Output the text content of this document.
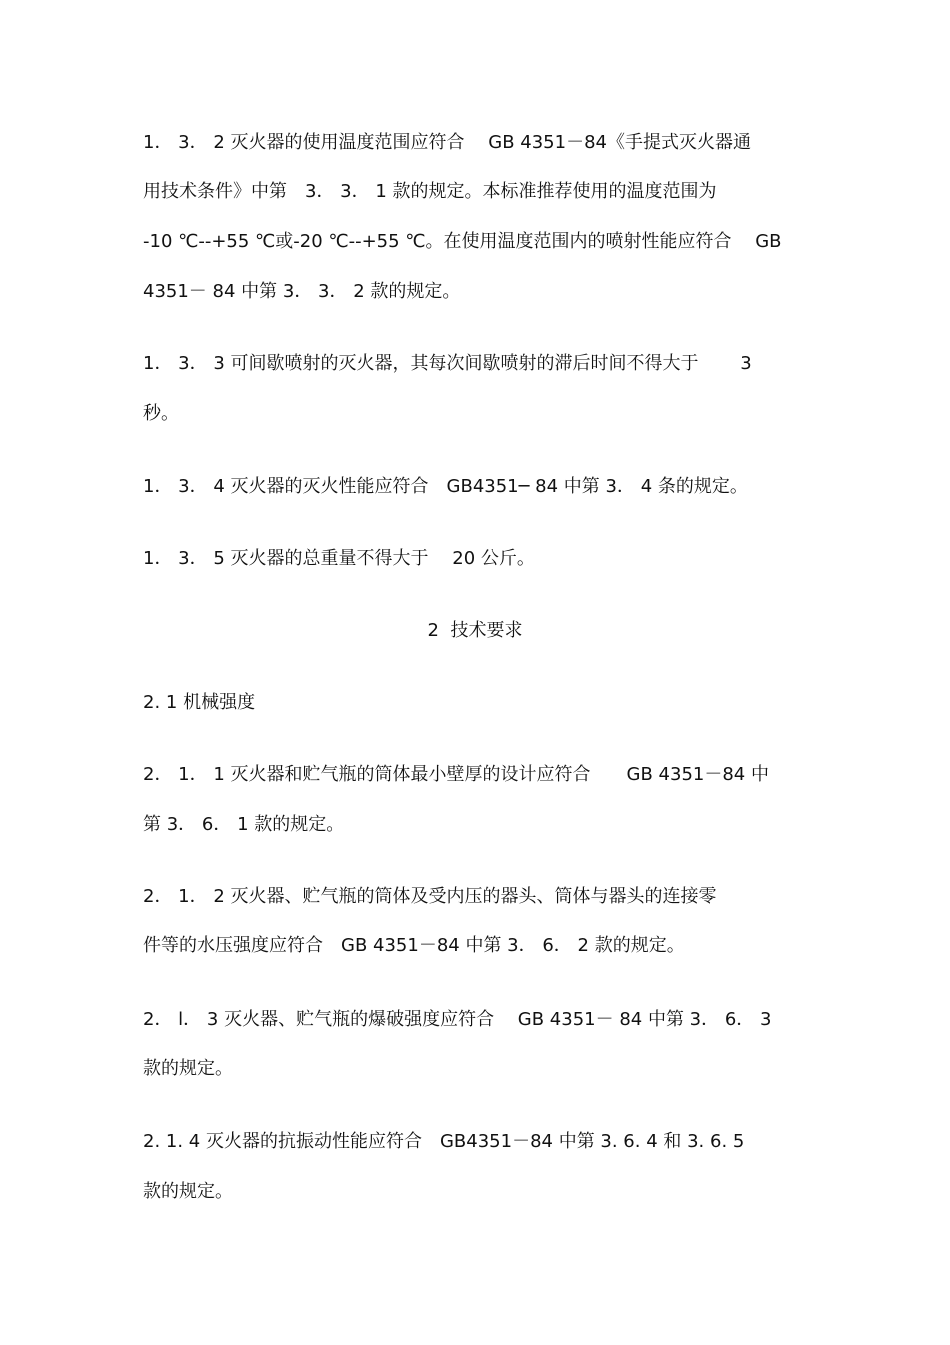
1． 3． 2 灭火器的使用温度范围应符合　 GB 4351－84《手提式灭火器通
用技术条件》中第　3． 3． 1 款的规定。本标准推荐使用的温度范围为
-10 ℃--+55 ℃或-20 ℃--+55 ℃。在使用温度范围内的喷射性能应符合　 GB
4351－ 84 中第 3． 3． 2 款的规定。
1． 3． 3 可间歇喷射的灭火器，其每次间歇喷射的滞后时间不得大于　　 3
秒。
1． 3． 4 灭火器的灭火性能应符合　GB4351─ 84 中第 3． 4 条的规定。
1． 3． 5 灭火器的总重量不得大于　 20 公斤。
2  技术要求
2. 1 机械强度
2． 1． 1 灭火器和贮气瓶的筒体最小壁厚的设计应符合　　GB 4351－84 中
第 3． 6． 1 款的规定。
2． 1． 2 灭火器、贮气瓶的筒体及受内压的器头、筒体与器头的连接零
件等的水压强度应符合　GB 4351－84 中第 3． 6． 2 款的规定。
2． l． 3 灭火器、贮气瓶的爆破强度应符合　 GB 4351－ 84 中第 3． 6． 3
款的规定。
2. 1. 4 灭火器的抗振动性能应符合　GB4351－84 中第 3. 6. 4 和 3. 6. 5
款的规定。
